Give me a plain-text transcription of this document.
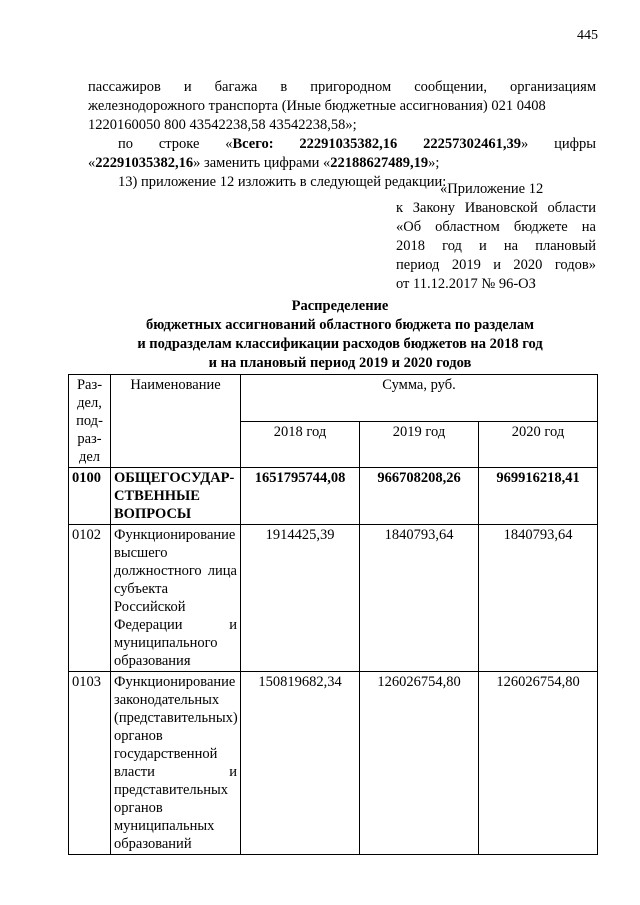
445
пассажиров и багажа в пригородном сообщении, организациям
железнодорожного транспорта (Иные бюджетные ассигнования) 021 0408
1220160050 800 43542238,58 43542238,58»;
по строке «Всего: 22291035382,16 22257302461,39» цифры
«22291035382,16» заменить цифрами «22188627489,19»;
13) приложение 12 изложить в следующей редакции:
«Приложение 12
к Закону Ивановской области
«Об областном бюджете на
2018 год и на плановый
период 2019 и 2020 годов»
от 11.12.2017 № 96-ОЗ
Распределение
бюджетных ассигнований областного бюджета по разделам
и подразделам классификации расходов бюджетов на 2018 год
и на плановый период 2019 и 2020 годов
Раз-
дел,
под-
раз-
дел	Наименование	Сумма, руб.		
		2018 год	2019 год	2020 год
0100	ОБЩЕГОСУДАР-
СТВЕННЫЕ
ВОПРОСЫ	1651795744,08	966708208,26	969916218,41
0102	Функционирование высшего должностного лица субъекта Российской Федерации и муниципального образования	1914425,39	1840793,64	1840793,64
0103	Функционирование законодательных (представительных) органов государственной власти и представительных органов муниципальных образований	150819682,34	126026754,80	126026754,80
